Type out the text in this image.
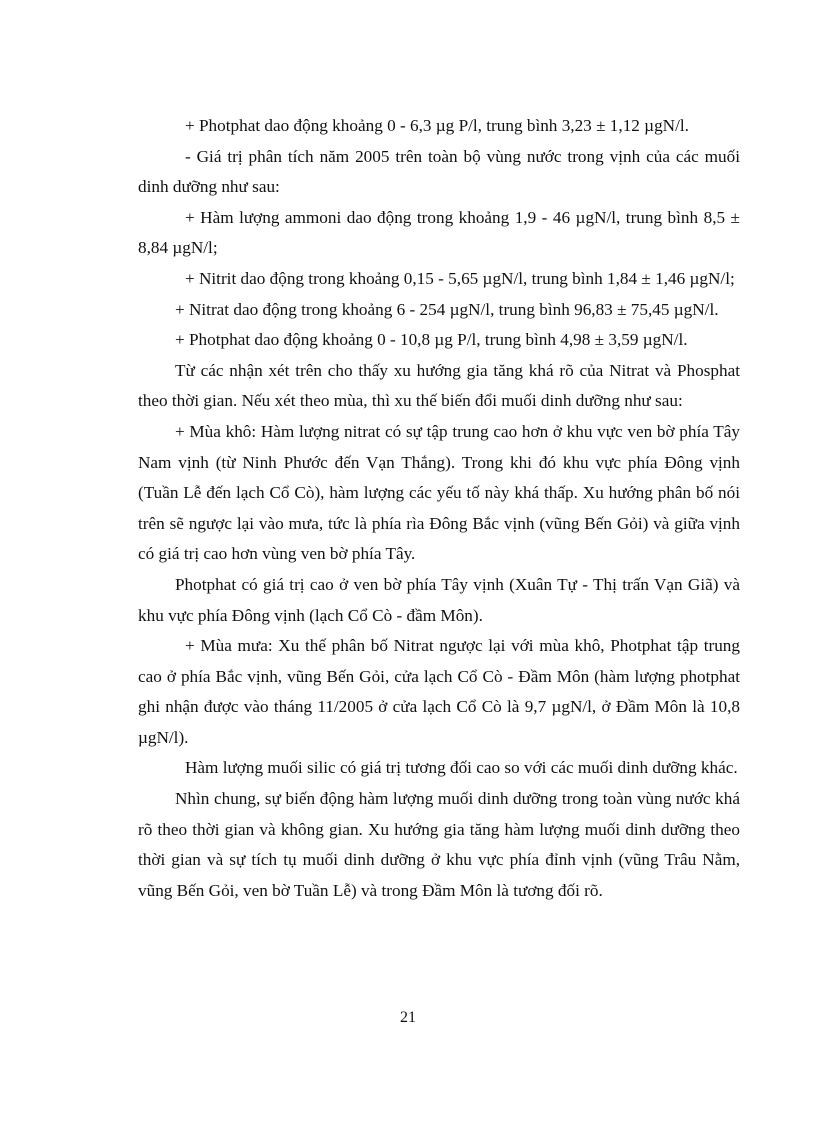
+ Photphat dao động khoảng 0 - 6,3 µg P/l, trung bình 3,23 ± 1,12 µgN/l.

- Giá trị phân tích năm 2005 trên toàn bộ vùng nước trong vịnh của các muối dinh dưỡng như sau:

+ Hàm lượng ammoni dao động trong khoảng 1,9 - 46 µgN/l, trung bình 8,5 ± 8,84 µgN/l;

+ Nitrit dao động trong khoảng 0,15 - 5,65 µgN/l, trung bình 1,84 ± 1,46 µgN/l;

+ Nitrat dao động trong khoảng 6 - 254 µgN/l, trung bình 96,83 ± 75,45 µgN/l.

+ Photphat dao động khoảng 0 - 10,8 µg P/l, trung bình 4,98 ± 3,59 µgN/l.

Từ các nhận xét trên cho thấy xu hướng gia tăng khá rõ của Nitrat và Phosphat theo thời gian. Nếu xét theo mùa, thì xu thế biến đổi muối dinh dưỡng như sau:

+ Mùa khô: Hàm lượng nitrat có sự tập trung cao hơn ở khu vực ven bờ phía Tây Nam vịnh (từ Ninh Phước đến Vạn Thắng). Trong khi đó khu vực phía Đông vịnh (Tuần Lễ đến lạch Cổ Cò), hàm lượng các yếu tố này khá thấp. Xu hướng phân bố nói trên sẽ ngược lại vào mưa, tức là phía rìa Đông Bắc vịnh (vũng Bến Gỏi) và giữa vịnh có giá trị cao hơn vùng ven bờ phía Tây.

Photphat có giá trị cao ở ven bờ phía Tây vịnh (Xuân Tự - Thị trấn Vạn Giã) và khu vực phía Đông vịnh (lạch Cổ Cò - đầm Môn).

+ Mùa mưa: Xu thế phân bố Nitrat ngược lại với mùa khô, Photphat tập trung cao ở phía Bắc vịnh, vũng Bến Gỏi, cửa lạch Cổ Cò - Đầm Môn (hàm lượng photphat ghi nhận được vào tháng 11/2005 ở cửa lạch Cổ Cò là 9,7 µgN/l, ở Đầm Môn là 10,8 µgN/l).

Hàm lượng muối silic có giá trị tương đối cao so với các muối dinh dưỡng khác.

Nhìn chung, sự biến động hàm lượng muối dinh dưỡng trong toàn vùng nước khá rõ theo thời gian và không gian. Xu hướng gia tăng hàm lượng muối dinh dưỡng theo thời gian và sự tích tụ muối dinh dưỡng ở khu vực phía đỉnh vịnh (vũng Trâu Nằm, vũng Bến Gỏi, ven bờ Tuần Lễ) và trong Đầm Môn là tương đối rõ.

21
